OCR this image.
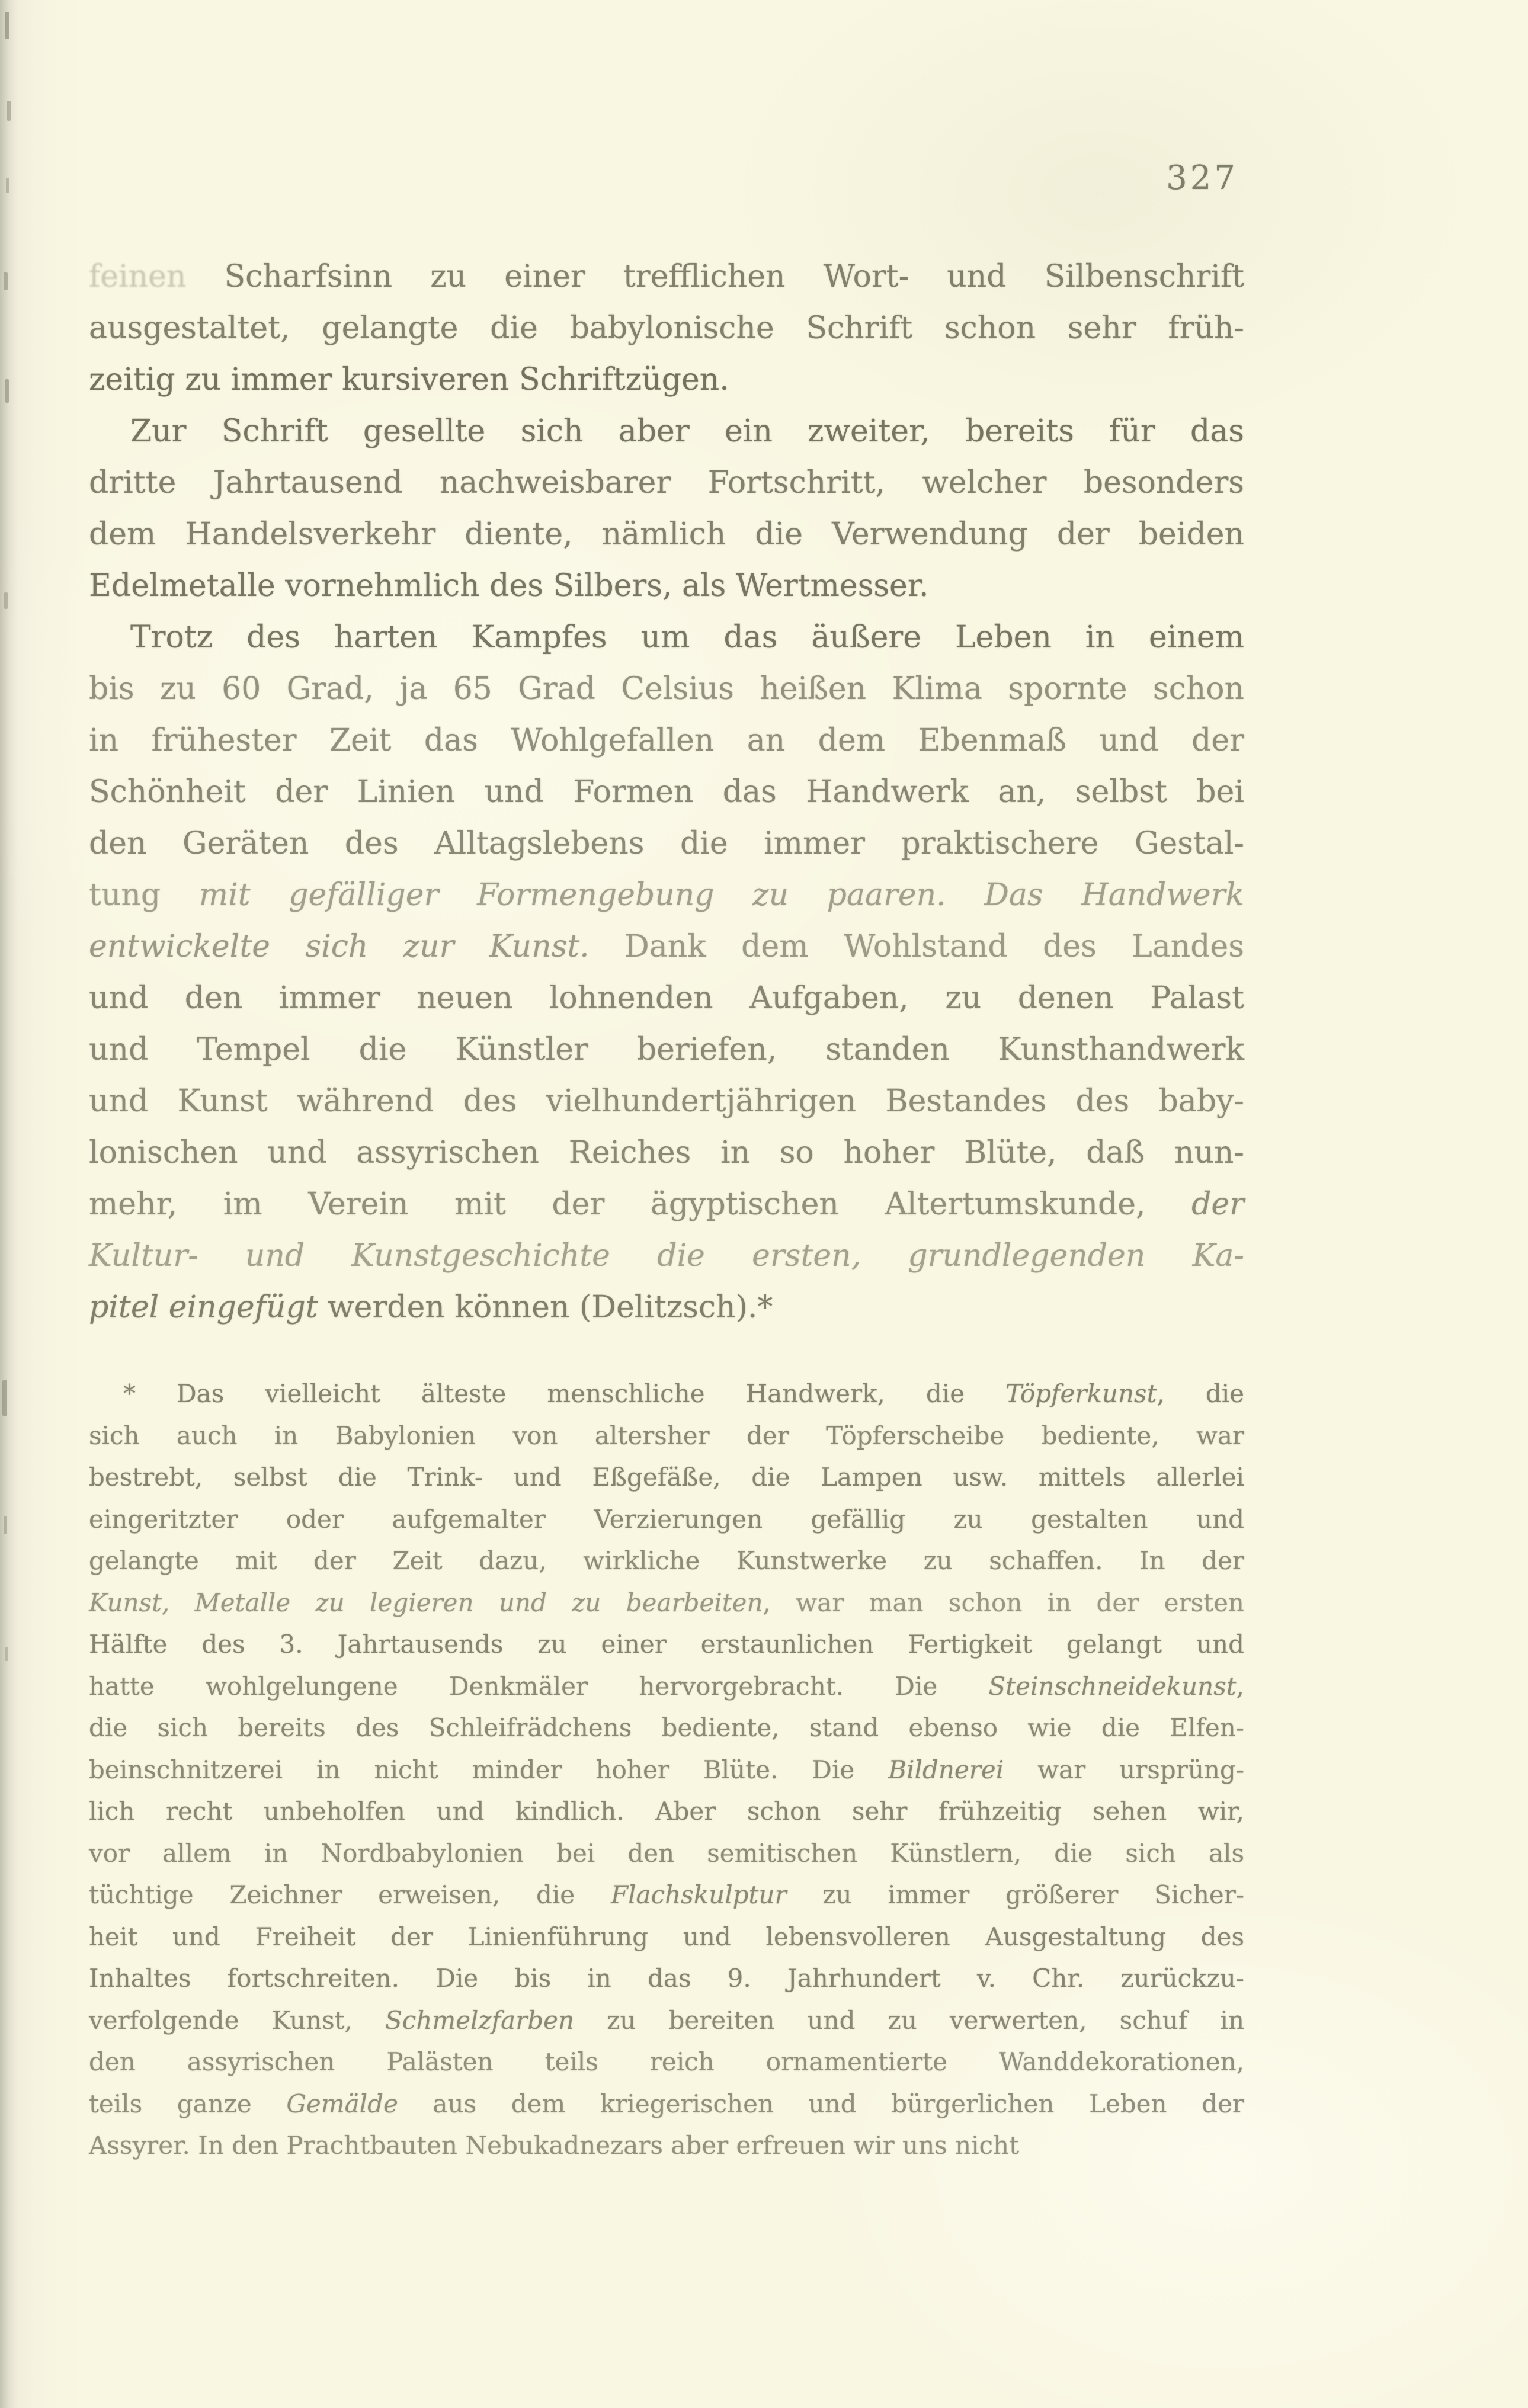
327
feinen Scharfsinn zu einer trefflichen Wort- und Silbenschrift
ausgestaltet, gelangte die babylonische Schrift schon sehr früh-
zeitig zu immer kursiveren Schriftzügen.
Zur Schrift gesellte sich aber ein zweiter, bereits für das
dritte Jahrtausend nachweisbarer Fortschritt, welcher besonders
dem Handelsverkehr diente, nämlich die Verwendung der beiden
Edelmetalle vornehmlich des Silbers, als Wertmesser.
Trotz des harten Kampfes um das äußere Leben in einem
bis zu 60 Grad, ja 65 Grad Celsius heißen Klima spornte schon
in frühester Zeit das Wohlgefallen an dem Ebenmaß und der
Schönheit der Linien und Formen das Handwerk an, selbst bei
den Geräten des Alltagslebens die immer praktischere Gestal-
tung mit gefälliger Formengebung zu paaren. Das Handwerk
entwickelte sich zur Kunst. Dank dem Wohlstand des Landes
und den immer neuen lohnenden Aufgaben, zu denen Palast
und Tempel die Künstler beriefen, standen Kunsthandwerk
und Kunst während des vielhundertjährigen Bestandes des baby-
lonischen und assyrischen Reiches in so hoher Blüte, daß nun-
mehr, im Verein mit der ägyptischen Altertumskunde, der
Kultur- und Kunstgeschichte die ersten, grundlegenden Ka-
pitel eingefügt werden können (Delitzsch).*
* Das vielleicht älteste menschliche Handwerk, die Töpferkunst, die
sich auch in Babylonien von altersher der Töpferscheibe bediente, war
bestrebt, selbst die Trink- und Eßgefäße, die Lampen usw. mittels allerlei
eingeritzter oder aufgemalter Verzierungen gefällig zu gestalten und
gelangte mit der Zeit dazu, wirkliche Kunstwerke zu schaffen. In der
Kunst, Metalle zu legieren und zu bearbeiten, war man schon in der ersten
Hälfte des 3. Jahrtausends zu einer erstaunlichen Fertigkeit gelangt und
hatte wohlgelungene Denkmäler hervorgebracht. Die Steinschneidekunst,
die sich bereits des Schleifrädchens bediente, stand ebenso wie die Elfen-
beinschnitzerei in nicht minder hoher Blüte. Die Bildnerei war ursprüng-
lich recht unbeholfen und kindlich. Aber schon sehr frühzeitig sehen wir,
vor allem in Nordbabylonien bei den semitischen Künstlern, die sich als
tüchtige Zeichner erweisen, die Flachskulptur zu immer größerer Sicher-
heit und Freiheit der Linienführung und lebensvolleren Ausgestaltung des
Inhaltes fortschreiten. Die bis in das 9. Jahrhundert v. Chr. zurückzu-
verfolgende Kunst, Schmelzfarben zu bereiten und zu verwerten, schuf in
den assyrischen Palästen teils reich ornamentierte Wanddekorationen,
teils ganze Gemälde aus dem kriegerischen und bürgerlichen Leben der
Assyrer. In den Prachtbauten Nebukadnezars aber erfreuen wir uns nicht
